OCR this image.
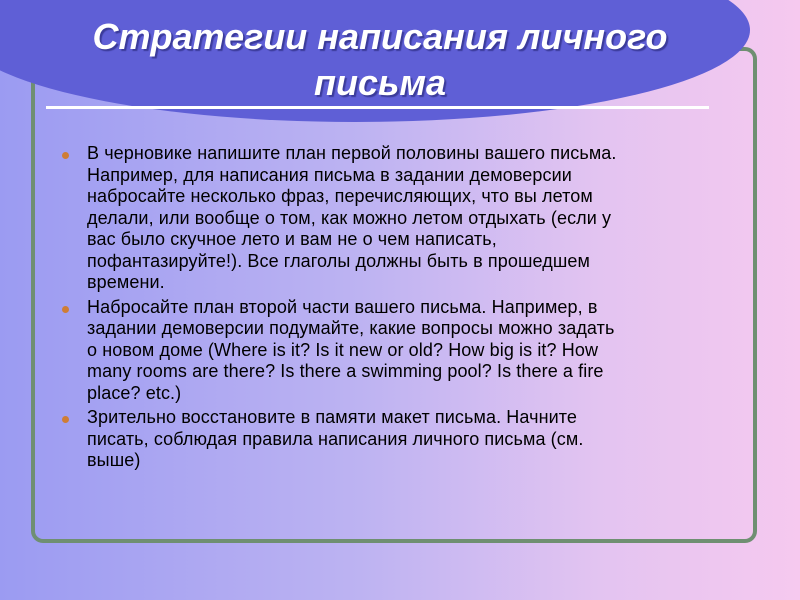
Стратегии написания личного
письма
В черновике напишите план первой половины вашего письма.
Например, для написания письма в задании демоверсии
набросайте несколько фраз, перечисляющих, что вы летом
делали, или вообще о том, как можно летом отдыхать (если у
вас было скучное лето и вам не о чем написать,
пофантазируйте!). Все глаголы должны быть в прошедшем
времени.
Набросайте план второй части вашего письма. Например, в
задании демоверсии подумайте, какие вопросы можно задать
о новом доме (Where is it? Is it new or old? How big is it? How
many rooms are there? Is there a swimming pool? Is there a fire
place? etc.)
Зрительно восстановите в памяти макет письма. Начните
писать, соблюдая правила написания личного письма (см.
выше)
